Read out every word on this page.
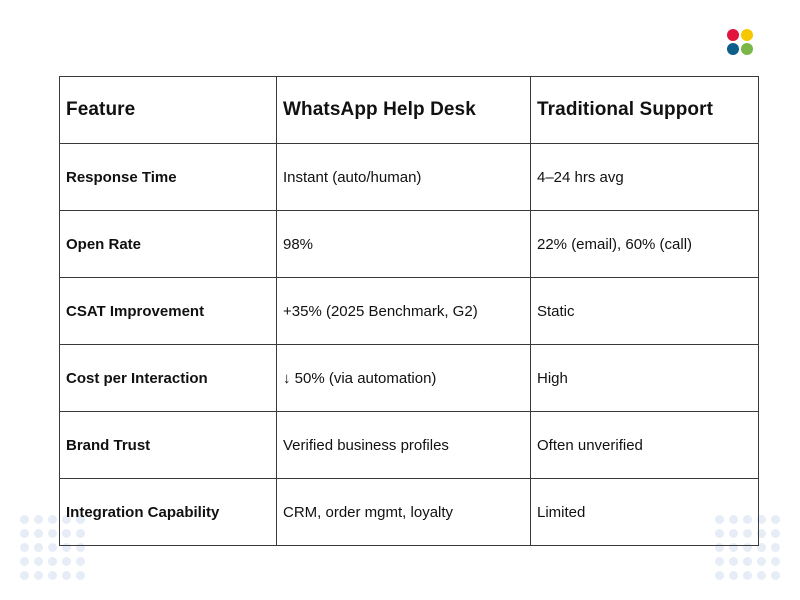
Feature	WhatsApp Help Desk	Traditional Support
Response Time	Instant (auto/human)	4–24 hrs avg
Open Rate	98%	22% (email), 60% (call)
CSAT Improvement	+35% (2025 Benchmark, G2)	Static
Cost per Interaction	↓ 50% (via automation)	High
Brand Trust	Verified business profiles	Often unverified
Integration Capability	CRM, order mgmt, loyalty	Limited
